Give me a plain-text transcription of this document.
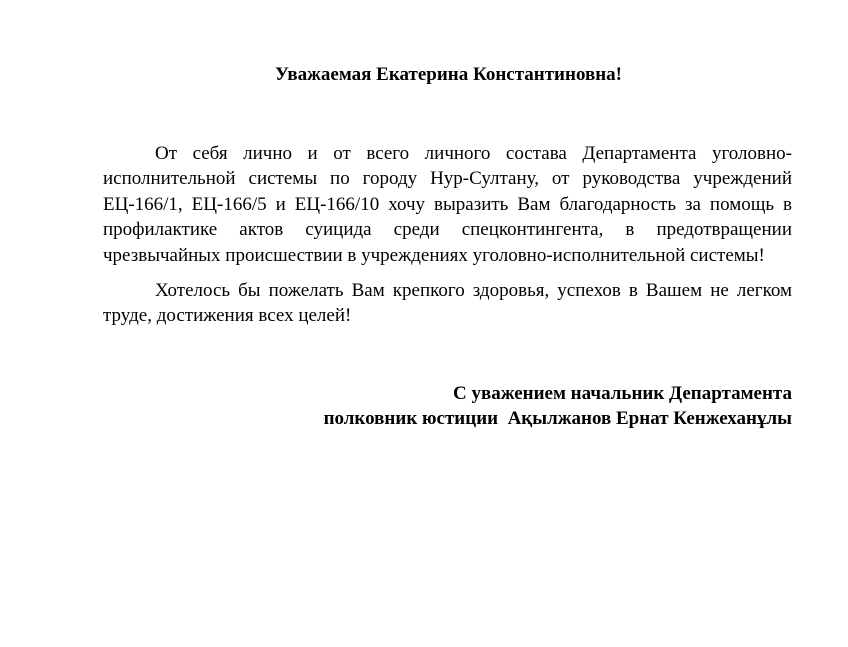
Уважаемая Екатерина Константиновна!

От себя лично и от всего личного состава Департамента уголовно-исполнительной системы по городу Нур-Султану, от руководства учреждений ЕЦ-166/1, ЕЦ-166/5 и ЕЦ-166/10 хочу выразить Вам благодарность за помощь в профилактике актов суицида среди спецконтингента, в предотвращении чрезвычайных происшествии в учреждениях уголовно-исполнительной системы!

Хотелось бы пожелать Вам крепкого здоровья, успехов в Вашем не легком труде, достижения всех целей!

С уважением начальник Департамента
полковник юстиции  Ақылжанов Ернат Кенжеханұлы
